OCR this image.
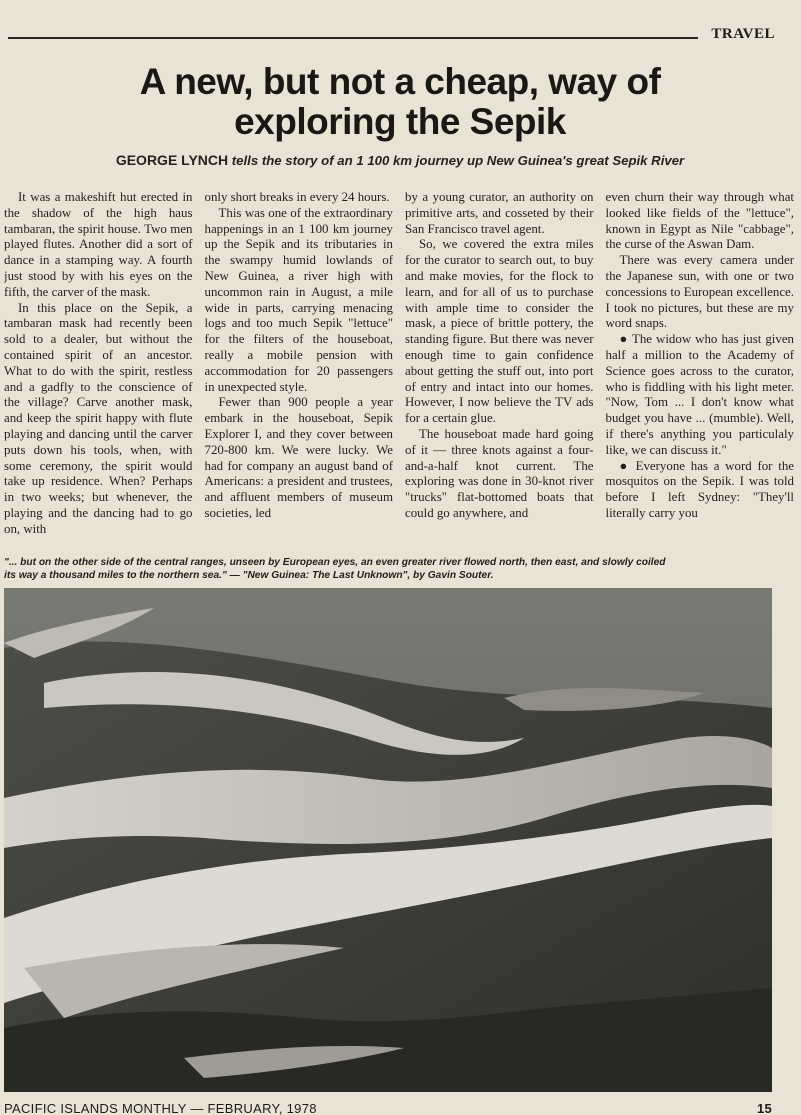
TRAVEL
A new, but not a cheap, way of
exploring the Sepik
GEORGE LYNCH tells the story of an 1 100 km journey up New Guinea's great Sepik River

It was a makeshift hut erected in the shadow of the high haus tambaran, the spirit house. Two men played flutes. Another did a sort of dance in a stamping way. A fourth just stood by with his eyes on the fifth, the carver of the mask.

In this place on the Sepik, a tambaran mask had recently been sold to a dealer, but without the contained spirit of an ancestor. What to do with the spirit, restless and a gadfly to the conscience of the village? Carve another mask, and keep the spirit happy with flute playing and dancing until the carver puts down his tools, when, with some ceremony, the spirit would take up residence. When? Perhaps in two weeks; but whenever, the playing and the dancing had to go on, with

only short breaks in every 24 hours.

This was one of the extraordinary happenings in an 1 100 km journey up the Sepik and its tributaries in the swampy humid lowlands of New Guinea, a river high with uncommon rain in August, a mile wide in parts, carrying menacing logs and too much Sepik "lettuce" for the filters of the houseboat, really a mobile pension with accommodation for 20 passengers in unexpected style.

Fewer than 900 people a year embark in the houseboat, Sepik Explorer I, and they cover between 720-800 km. We were lucky. We had for company an august band of Americans: a president and trustees, and affluent members of museum societies, led

by a young curator, an authority on primitive arts, and cosseted by their San Francisco travel agent.

So, we covered the extra miles for the curator to search out, to buy and make movies, for the flock to learn, and for all of us to purchase with ample time to consider the mask, a piece of brittle pottery, the standing figure. But there was never enough time to gain confidence about getting the stuff out, into port of entry and intact into our homes. However, I now believe the TV ads for a certain glue.

The houseboat made hard going of it — three knots against a four-and-a-half knot current. The exploring was done in 30-knot river "trucks" flat-bottomed boats that could go anywhere, and

even churn their way through what looked like fields of the "lettuce", known in Egypt as Nile "cabbage", the curse of the Aswan Dam.

There was every camera under the Japanese sun, with one or two concessions to European excellence. I took no pictures, but these are my word snaps.

● The widow who has just given half a million to the Academy of Science goes across to the curator, who is fiddling with his light meter. "Now, Tom ... I don't know what budget you have ... (mumble). Well, if there's anything you particulaly like, we can discuss it."

● Everyone has a word for the mosquitos on the Sepik. I was told before I left Sydney: "They'll literally carry you

"... but on the other side of the central ranges, unseen by European eyes, an even greater river flowed north, then east, and slowly coiled
its way a thousand miles to the northern sea." — "New Guinea: The Last Unknown", by Gavin Souter.
PACIFIC ISLANDS MONTHLY — FEBRUARY, 1978	15
